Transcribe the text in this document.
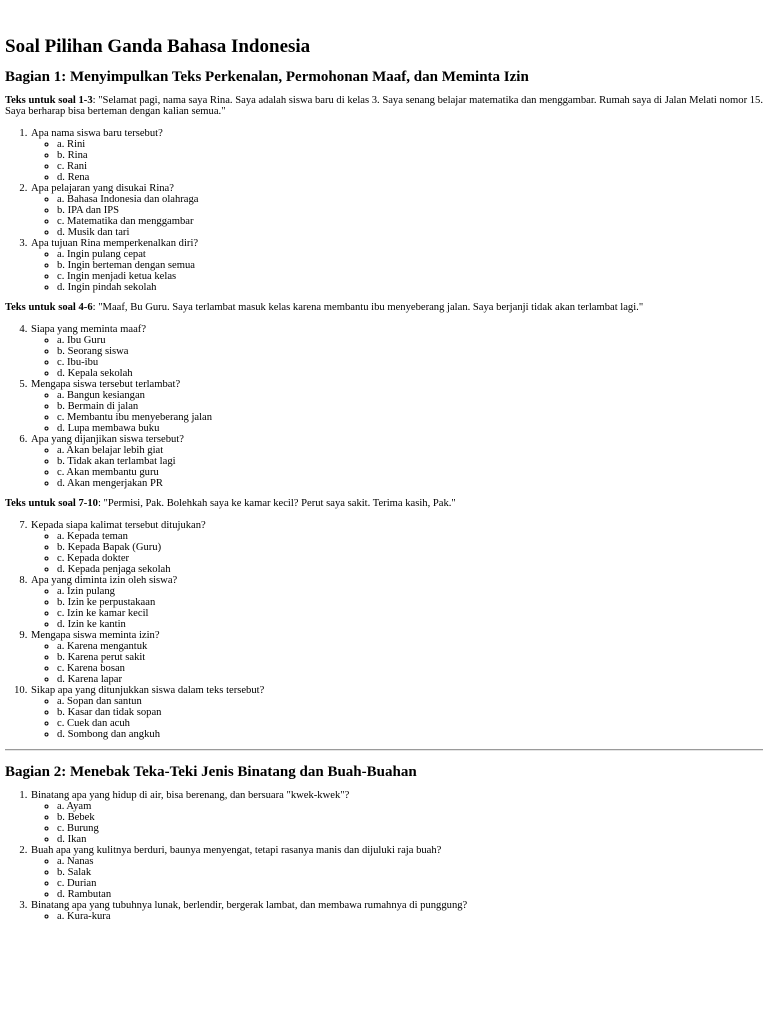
Soal Pilihan Ganda Bahasa Indonesia
Bagian 1: Menyimpulkan Teks Perkenalan, Permohonan Maaf, dan Meminta Izin

Teks untuk soal 1-3: "Selamat pagi, nama saya Rina. Saya adalah siswa baru di kelas 3. Saya senang belajar matematika dan menggambar. Rumah saya di Jalan Melati nomor 15. Saya berharap bisa berteman dengan kalian semua."

1. Apa nama siswa baru tersebut?
◦ a. Rini
◦ b. Rina
◦ c. Rani
◦ d. Rena
2. Apa pelajaran yang disukai Rina?
◦ a. Bahasa Indonesia dan olahraga
◦ b. IPA dan IPS
◦ c. Matematika dan menggambar
◦ d. Musik dan tari
3. Apa tujuan Rina memperkenalkan diri?
◦ a. Ingin pulang cepat
◦ b. Ingin berteman dengan semua
◦ c. Ingin menjadi ketua kelas
◦ d. Ingin pindah sekolah

Teks untuk soal 4-6: "Maaf, Bu Guru. Saya terlambat masuk kelas karena membantu ibu menyeberang jalan. Saya berjanji tidak akan terlambat lagi."

4. Siapa yang meminta maaf?
◦ a. Ibu Guru
◦ b. Seorang siswa
◦ c. Ibu-ibu
◦ d. Kepala sekolah
5. Mengapa siswa tersebut terlambat?
◦ a. Bangun kesiangan
◦ b. Bermain di jalan
◦ c. Membantu ibu menyeberang jalan
◦ d. Lupa membawa buku
6. Apa yang dijanjikan siswa tersebut?
◦ a. Akan belajar lebih giat
◦ b. Tidak akan terlambat lagi
◦ c. Akan membantu guru
◦ d. Akan mengerjakan PR

Teks untuk soal 7-10: "Permisi, Pak. Bolehkah saya ke kamar kecil? Perut saya sakit. Terima kasih, Pak."

7. Kepada siapa kalimat tersebut ditujukan?
◦ a. Kepada teman
◦ b. Kepada Bapak (Guru)
◦ c. Kepada dokter
◦ d. Kepada penjaga sekolah
8. Apa yang diminta izin oleh siswa?
◦ a. Izin pulang
◦ b. Izin ke perpustakaan
◦ c. Izin ke kamar kecil
◦ d. Izin ke kantin
9. Mengapa siswa meminta izin?
◦ a. Karena mengantuk
◦ b. Karena perut sakit
◦ c. Karena bosan
◦ d. Karena lapar
10. Sikap apa yang ditunjukkan siswa dalam teks tersebut?
◦ a. Sopan dan santun
◦ b. Kasar dan tidak sopan
◦ c. Cuek dan acuh
◦ d. Sombong dan angkuh
Bagian 2: Menebak Teka-Teki Jenis Binatang dan Buah-Buahan
1. Binatang apa yang hidup di air, bisa berenang, dan bersuara "kwek-kwek"?
◦ a. Ayam
◦ b. Bebek
◦ c. Burung
◦ d. Ikan
2. Buah apa yang kulitnya berduri, baunya menyengat, tetapi rasanya manis dan dijuluki raja buah?
◦ a. Nanas
◦ b. Salak
◦ c. Durian
◦ d. Rambutan
3. Binatang apa yang tubuhnya lunak, berlendir, bergerak lambat, dan membawa rumahnya di punggung?
◦ a. Kura-kura
